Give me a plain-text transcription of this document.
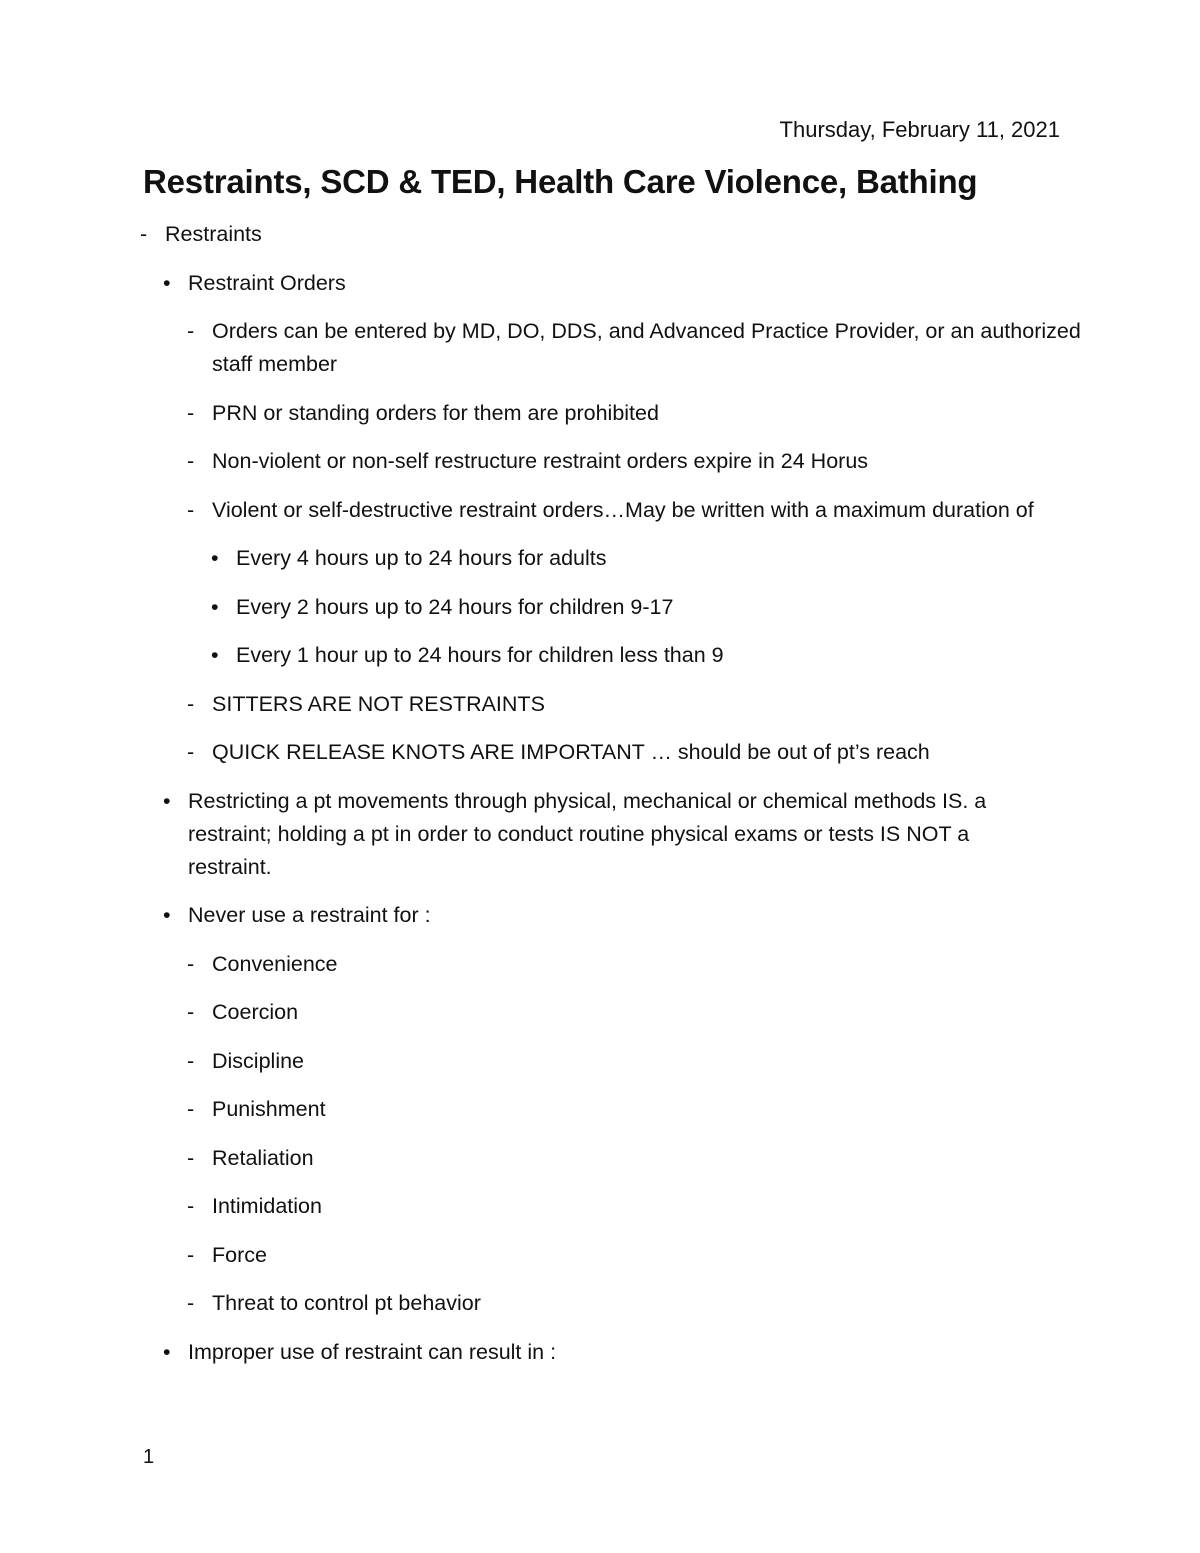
Thursday, February 11, 2021
Restraints, SCD & TED, Health Care Violence, Bathing
- Restraints
• Restraint Orders
- Orders can be entered by MD, DO, DDS, and Advanced Practice Provider, or an authorized staff member
- PRN or standing orders for them are prohibited
- Non-violent or non-self restructure restraint orders expire in 24 Horus
- Violent or self-destructive restraint orders…May be written with a maximum duration of
• Every 4 hours up to 24 hours for adults
• Every 2 hours up to 24 hours for children 9-17
• Every 1 hour up to 24 hours for children less than 9
- SITTERS ARE NOT RESTRAINTS
- QUICK RELEASE KNOTS ARE IMPORTANT … should be out of pt’s reach
• Restricting a pt movements through physical, mechanical or chemical methods IS. a restraint; holding a pt in order to conduct routine physical exams or tests IS NOT a restraint.
• Never use a restraint for :
- Convenience
- Coercion
- Discipline
- Punishment
- Retaliation
- Intimidation
- Force
- Threat to control pt behavior
• Improper use of restraint can result in :
1
